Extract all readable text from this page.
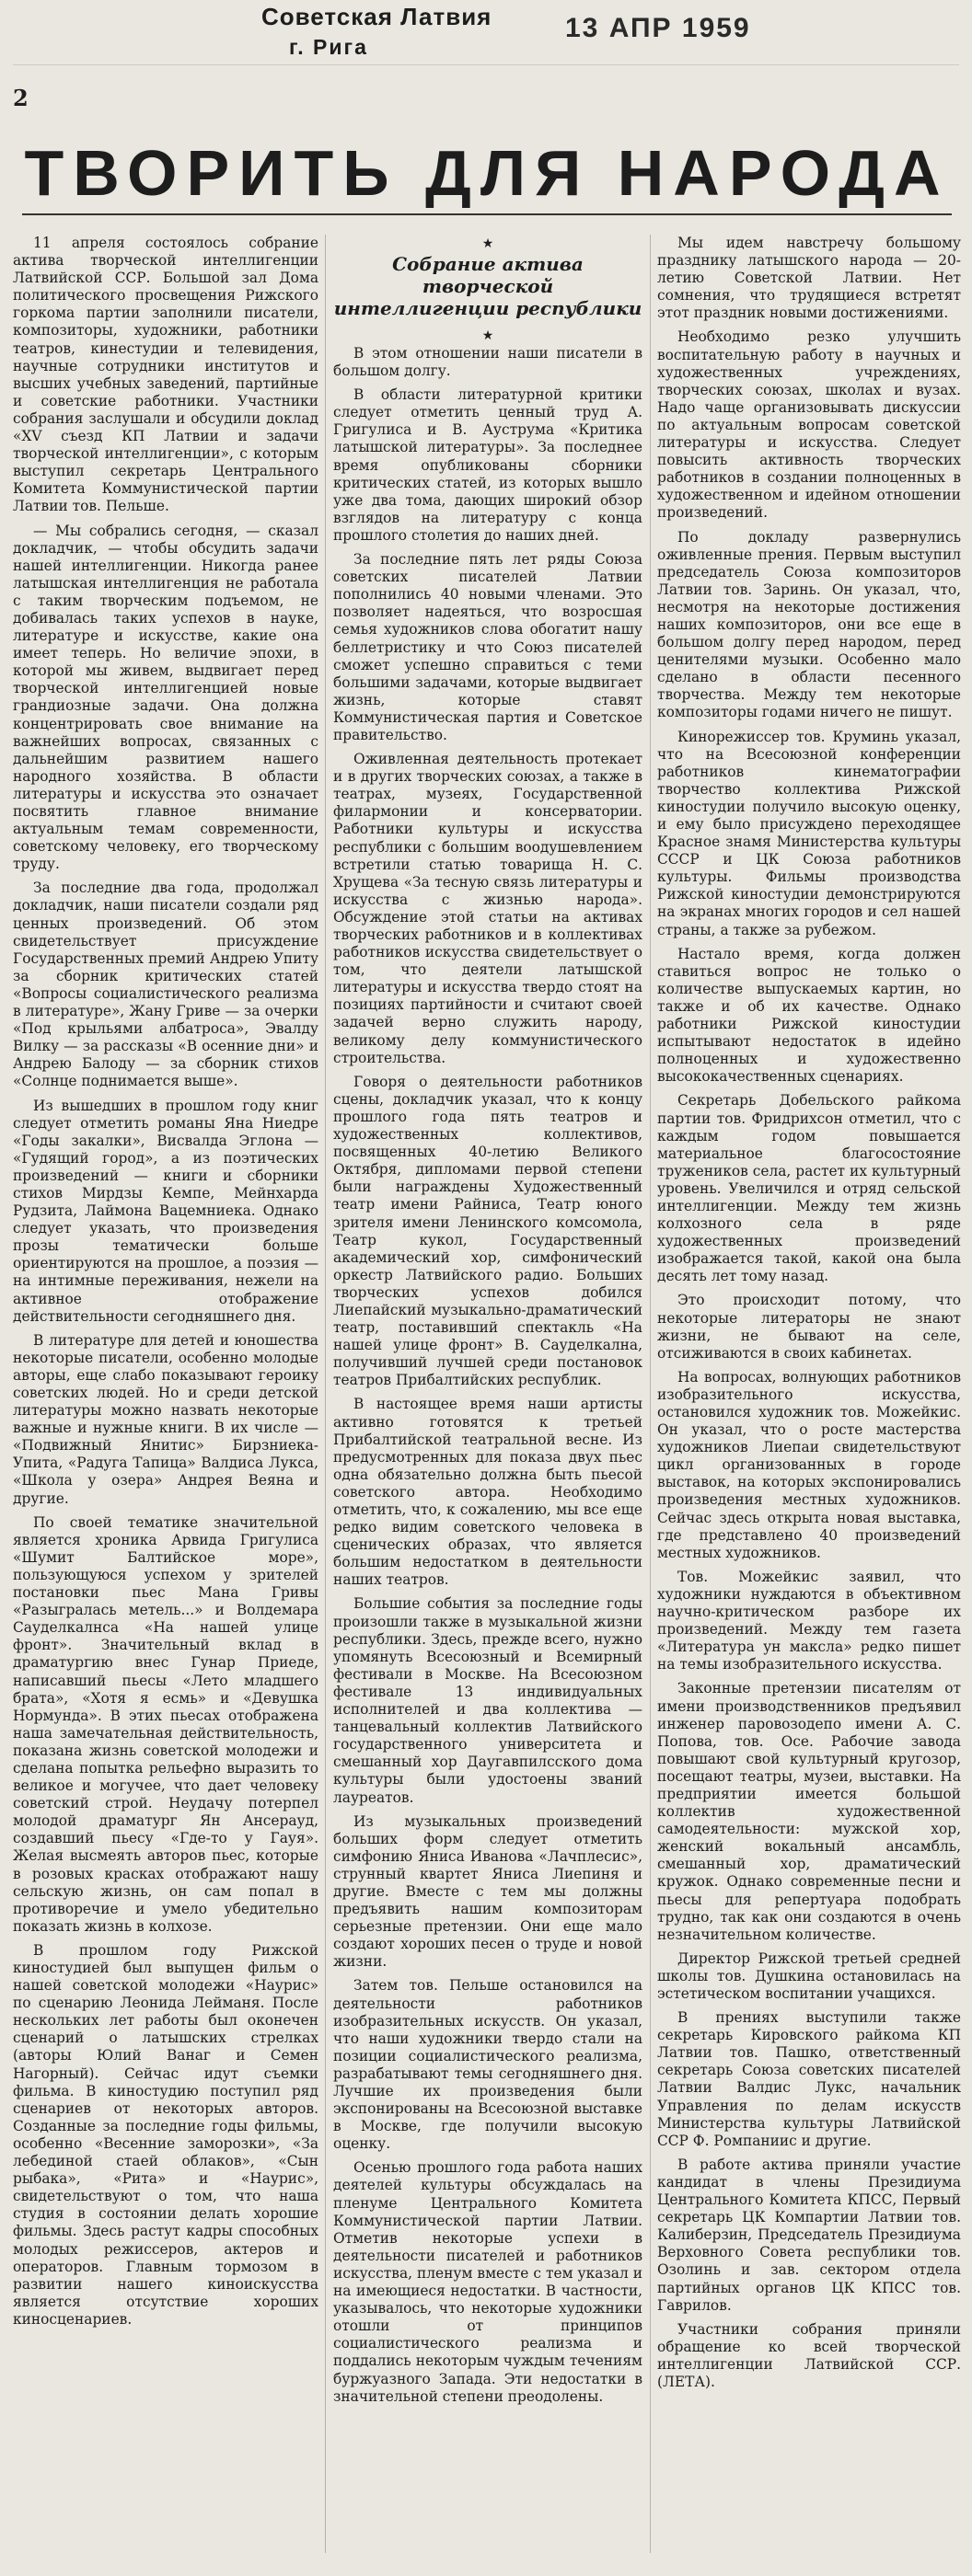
Советская Латвия
г. Рига
13 АПР 1959
2
ТВОРИТЬ ДЛЯ НАРОДА

11 апреля состоялось собрание актива творческой интеллигенции Латвийской ССР. Большой зал Дома политического просвещения Рижского горкома партии заполнили писатели, композиторы, художники, работники театров, кинестудии и телевидения, научные сотрудники институтов и высших учебных заведений, партийные и советские работники. Участники собрания заслушали и обсудили доклад «XV съезд КП Латвии и задачи творческой интеллигенции», с которым выступил секретарь Центрального Комитета Коммунистической партии Латвии тов. Пельше.

— Мы собрались сегодня, — сказал докладчик, — чтобы обсудить задачи нашей интеллигенции. Никогда ранее латышская интеллигенция не работала с таким творческим подъемом, не добивалась таких успехов в науке, литературе и искусстве, какие она имеет теперь. Но величие эпохи, в которой мы живем, выдвигает перед творческой интеллигенцией новые грандиозные задачи. Она должна концентрировать свое внимание на важнейших вопросах, связанных с дальнейшим развитием нашего народного хозяйства. В области литературы и искусства это означает посвятить главное внимание актуальным темам современности, советскому человеку, его творческому труду.

За последние два года, продолжал докладчик, наши писатели создали ряд ценных произведений. Об этом свидетельствует присуждение Государственных премий Андрею Упиту за сборник критических статей «Вопросы социалистического реализма в литературе», Жану Гриве — за очерки «Под крыльями албатроса», Эвалду Вилку — за рассказы «В осенние дни» и Андрею Балоду — за сборник стихов «Солнце поднимается выше».

Из вышедших в прошлом году книг следует отметить романы Яна Ниедре «Годы закалки», Висвалда Эглона — «Гудящий город», а из поэтических произведений — книги и сборники стихов Мирдзы Кемпе, Мейнхарда Рудзита, Лаймона Вацемниека. Однако следует указать, что произведения прозы тематически больше ориентируются на прошлое, а поэзия — на интимные переживания, нежели на активное отображение действительности сегодняшнего дня.

В литературе для детей и юношества некоторые писатели, особенно молодые авторы, еще слабо показывают героику советских людей. Но и среди детской литературы можно назвать некоторые важные и нужные книги. В их числе — «Подвижный Янитис» Бирзниека-Упита, «Радуга Тапица» Валдиса Лукса, «Школа у озера» Андрея Веяна и другие.

По своей тематике значительной является хроника Арвида Григулиса «Шумит Балтийское море», пользующуюся успехом у зрителей постановки пьес Мана Гривы «Разыгралась метель...» и Волдемара Сауделкалнса «На нашей улице фронт». Значительный вклад в драматургию внес Гунар Приеде, написавший пьесы «Лето младшего брата», «Хотя я есмь» и «Девушка Нормунда». В этих пьесах отображена наша замечательная действительность, показана жизнь советской молодежи и сделана попытка рельефно выразить то великое и могучее, что дает человеку советский строй. Неудачу потерпел молодой драматург Ян Ансерауд, создавший пьесу «Где-то у Гауя». Желая высмеять авторов пьес, которые в розовых красках отображают нашу сельскую жизнь, он сам попал в противоречие и умело убедительно показать жизнь в колхозе.

В прошлом году Рижской киностудией был выпущен фильм о нашей советской молодежи «Наурис» по сценарию Леонида Лейманя. После нескольких лет работы был оконечен сценарий о латышских стрелках (авторы Юлий Ванаг и Семен Нагорный). Сейчас идут съемки фильма. В киностудию поступил ряд сценариев от некоторых авторов. Созданные за последние годы фильмы, особенно «Весенние заморозки», «За лебединой стаей облаков», «Сын рыбака», «Рита» и «Наурис», свидетельствуют о том, что наша студия в состоянии делать хорошие фильмы. Здесь растут кадры способных молодых режиссеров, актеров и операторов. Главным тормозом в развитии нашего киноискусства является отсутствие хороших киносценариев.

★
Собрание актива творческой интеллигенции республики
★

В этом отношении наши писатели в большом долгу.

В области литературной критики следует отметить ценный труд А. Григулиса и В. Ауструма «Критика латышской литературы». За последнее время опубликованы сборники критических статей, из которых вышло уже два тома, дающих широкий обзор взглядов на литературу с конца прошлого столетия до наших дней.

За последние пять лет ряды Союза советских писателей Латвии пополнились 40 новыми членами. Это позволяет надеяться, что возросшая семья художников слова обогатит нашу беллетристику и что Союз писателей сможет успешно справиться с теми большими задачами, которые выдвигает жизнь, которые ставят Коммунистическая партия и Советское правительство.

Оживленная деятельность протекает и в других творческих союзах, а также в театрах, музеях, Государственной филармонии и консерватории. Работники культуры и искусства республики с большим воодушевлением встретили статью товарища Н. С. Хрущева «За тесную связь литературы и искусства с жизнью народа». Обсуждение этой статьи на активах творческих работников и в коллективах работников искусства свидетельствует о том, что деятели латышской литературы и искусства твердо стоят на позициях партийности и считают своей задачей верно служить народу, великому делу коммунистического строительства.

Говоря о деятельности работников сцены, докладчик указал, что к концу прошлого года пять театров и художественных коллективов, посвященных 40-летию Великого Октября, дипломами первой степени были награждены Художественный театр имени Райниса, Театр юного зрителя имени Ленинского комсомола, Театр кукол, Государственный академический хор, симфонический оркестр Латвийского радио. Больших творческих успехов добился Лиепайский музыкально-драматический театр, поставивший спектакль «На нашей улице фронт» В. Сауделкална, получивший лучшей среди постановок театров Прибалтийских республик.

В настоящее время наши артисты активно готовятся к третьей Прибалтийской театральной весне. Из предусмотренных для показа двух пьес одна обязательно должна быть пьесой советского автора. Необходимо отметить, что, к сожалению, мы все еще редко видим советского человека в сценических образах, что является большим недостатком в деятельности наших театров.

Большие события за последние годы произошли также в музыкальной жизни республики. Здесь, прежде всего, нужно упомянуть Всесоюзный и Всемирный фестивали в Москве. На Всесоюзном фестивале 13 индивидуальных исполнителей и два коллектива — танцевальный коллектив Латвийского государственного университета и смешанный хор Даугавпилсского дома культуры были удостоены званий лауреатов.

Из музыкальных произведений больших форм следует отметить симфонию Яниса Иванова «Лачплесис», струнный квартет Яниса Лиепиня и другие. Вместе с тем мы должны предъявить нашим композиторам серьезные претензии. Они еще мало создают хороших песен о труде и новой жизни.

Затем тов. Пельше остановился на деятельности работников изобразительных искусств. Он указал, что наши художники твердо стали на позиции социалистического реализма, разрабатывают темы сегодняшнего дня. Лучшие их произведения были экспонированы на Всесоюзной выставке в Москве, где получили высокую оценку.

Осенью прошлого года работа наших деятелей культуры обсуждалась на пленуме Центрального Комитета Коммунистической партии Латвии. Отметив некоторые успехи в деятельности писателей и работников искусства, пленум вместе с тем указал и на имеющиеся недостатки. В частности, указывалось, что некоторые художники отошли от принципов социалистического реализма и поддались некоторым чуждым течениям буржуазного Запада. Эти недостатки в значительной степени преодолены.

Мы идем навстречу большому празднику латышского народа — 20-летию Советской Латвии. Нет сомнения, что трудящиеся встретят этот праздник новыми достижениями.

Необходимо резко улучшить воспитательную работу в научных и художественных учреждениях, творческих союзах, школах и вузах. Надо чаще организовывать дискуссии по актуальным вопросам советской литературы и искусства. Следует повысить активность творческих работников в создании полноценных в художественном и идейном отношении произведений.

По докладу развернулись оживленные прения. Первым выступил председатель Союза композиторов Латвии тов. Заринь. Он указал, что, несмотря на некоторые достижения наших композиторов, они все еще в большом долгу перед народом, перед ценителями музыки. Особенно мало сделано в области песенного творчества. Между тем некоторые композиторы годами ничего не пишут.

Кинорежиссер тов. Круминь указал, что на Всесоюзной конференции работников кинематографии творчество коллектива Рижской киностудии получило высокую оценку, и ему было присуждено переходящее Красное знамя Министерства культуры СССР и ЦК Союза работников культуры. Фильмы производства Рижской киностудии демонстрируются на экранах многих городов и сел нашей страны, а также за рубежом.

Настало время, когда должен ставиться вопрос не только о количестве выпускаемых картин, но также и об их качестве. Однако работники Рижской киностудии испытывают недостаток в идейно полноценных и художественно высококачественных сценариях.

Секретарь Добельского райкома партии тов. Фридрихсон отметил, что с каждым годом повышается материальное благосостояние тружеников села, растет их культурный уровень. Увеличился и отряд сельской интеллигенции. Между тем жизнь колхозного села в ряде художественных произведений изображается такой, какой она была десять лет тому назад.

Это происходит потому, что некоторые литераторы не знают жизни, не бывают на селе, отсиживаются в своих кабинетах.

На вопросах, волнующих работников изобразительного искусства, остановился художник тов. Можейкис. Он указал, что о росте мастерства художников Лиепаи свидетельствуют цикл организованных в городе выставок, на которых экспонировались произведения местных художников. Сейчас здесь открыта новая выставка, где представлено 40 произведений местных художников.

Тов. Можейкис заявил, что художники нуждаются в объективном научно-критическом разборе их произведений. Между тем газета «Литература ун максла» редко пишет на темы изобразительного искусства.

Законные претензии писателям от имени производственников предъявил инженер паровозодепо имени А. С. Попова, тов. Осе. Рабочие завода повышают свой культурный кругозор, посещают театры, музеи, выставки. На предприятии имеется большой коллектив художественной самодеятельности: мужской хор, женский вокальный ансамбль, смешанный хор, драматический кружок. Однако современные песни и пьесы для репертуара подобрать трудно, так как они создаются в очень незначительном количестве.

Директор Рижской третьей средней школы тов. Душкина остановилась на эстетическом воспитании учащихся.

В прениях выступили также секретарь Кировского райкома КП Латвии тов. Пашко, ответственный секретарь Союза советских писателей Латвии Валдис Лукс, начальник Управления по делам искусств Министерства культуры Латвийской ССР Ф. Ромпаниис и другие.

В работе актива приняли участие кандидат в члены Президиума Центрального Комитета КПСС, Первый секретарь ЦК Компартии Латвии тов. Калиберзин, Председатель Президиума Верховного Совета республики тов. Озолинь и зав. сектором отдела партийных органов ЦК КПСС тов. Гаврилов.

Участники собрания приняли обращение ко всей творческой интеллигенции Латвийской ССР. (ЛЕТА).
